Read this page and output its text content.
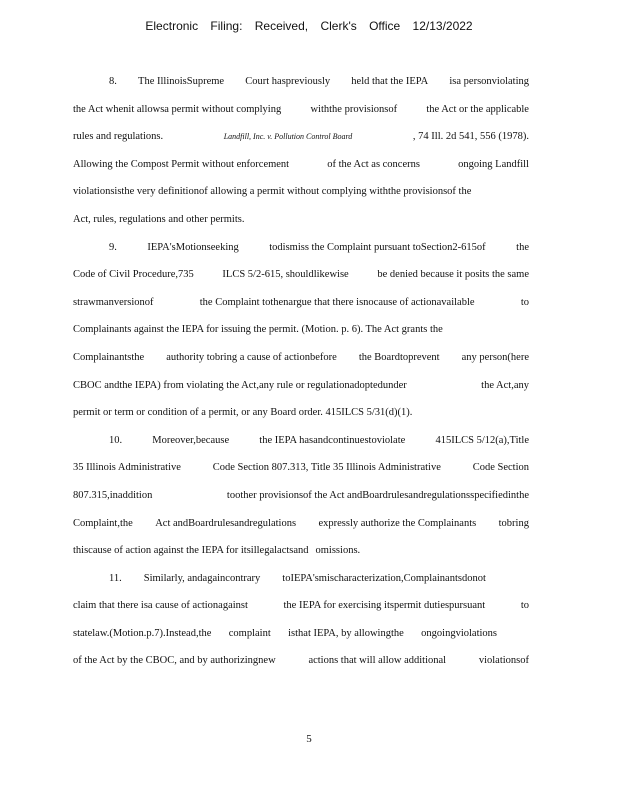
Electronic Filing: Received, Clerk's Office 12/13/2022
8. The IllinoisSupreme Court haspreviously held that the IEPA isa personviolating
the Act whenit allowsa permit without complying	withthe provisionsof	the Act or the applicable
rules and regulations.	Landfill, Inc. v. Pollution Control Board	, 74 Ill. 2d 541, 556 (1978).
Allowing the Compost Permit without enforcement	of the Act as concerns	ongoing Landfill
violationsisthe very definitionof allowing a permit without complying withthe provisionsof the
Act, rules, regulations and other permits.
9.	IEPA'sMotionseeking	todismiss the Complaint pursuant toSection2-615of	the
Code of Civil Procedure,735	ILCS 5/2-615, shouldlikewise	be denied because it posits the same
strawmanversionof	the Complaint tothenargue that there isnocause of actionavailable	to
Complainants against the IEPA for issuing the permit. (Motion. p. 6). The Act grants the
Complainantsthe authority tobring a cause of actionbefore the Boardtoprevent any person(here
CBOC andthe IEPA) from violating the Act,any rule or regulationadoptedunder	the Act,any
permit or term or condition of a permit, or any Board order. 415ILCS 5/31(d)(1).
10.	Moreover,because	the IEPA hasandcontinuestoviolate	415ILCS 5/12(a),Title
35 Illinois Administrative	Code Section 807.313, Title 35 Illinois Administrative	Code Section
807.315,inaddition	toother provisionsof the Act andBoardrulesandregulationsspecifiedinthe
Complaint,the Act andBoardrulesandregulations expressly authorize the Complainants tobring
thiscause of action against the IEPA for itsillegalactsand omissions.
11. Similarly, andagaincontrary toIEPA'smischaracterization,Complainantsdonot
claim that there isa cause of actionagainst	the IEPA for exercising itspermit dutiespursuant	to
statelaw.(Motion.p.7).Instead,the complaint isthat IEPA, by allowingthe ongoingviolations
of the Act by the CBOC, and by authorizingnew	actions that will allow additional	violationsof
5
